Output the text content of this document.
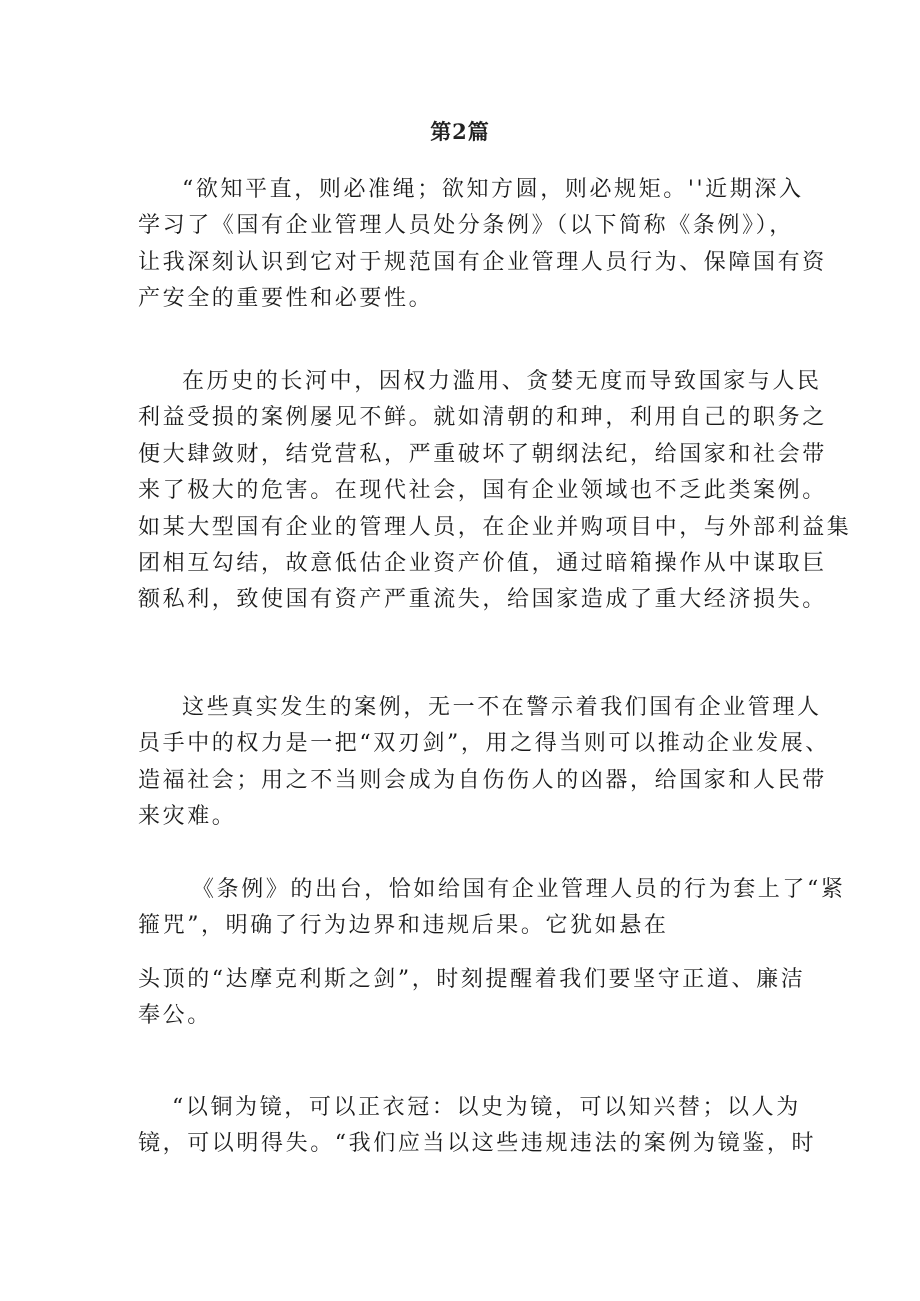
第2篇

“欲知平直，则必准绳；欲知方圆，则必规矩。''近期深入
学习了《国有企业管理人员处分条例》（以下简称《条例》），
让我深刻认识到它对于规范国有企业管理人员行为、保障国有资
产安全的重要性和必要性。

在历史的长河中，因权力滥用、贪婪无度而导致国家与人民
利益受损的案例屡见不鲜。就如清朝的和珅，利用自己的职务之
便大肆敛财，结党营私，严重破坏了朝纲法纪，给国家和社会带
来了极大的危害。在现代社会，国有企业领域也不乏此类案例。
如某大型国有企业的管理人员，在企业并购项目中，与外部利益集
团相互勾结，故意低估企业资产价值，通过暗箱操作从中谋取巨
额私利，致使国有资产严重流失，给国家造成了重大经济损失。

这些真实发生的案例，无一不在警示着我们国有企业管理人
员手中的权力是一把“双刃剑”，用之得当则可以推动企业发展、
造福社会；用之不当则会成为自伤伤人的凶器，给国家和人民带
来灾难。

《条例》的出台，恰如给国有企业管理人员的行为套上了“紧
箍咒”，明确了行为边界和违规后果。它犹如悬在

头顶的“达摩克利斯之剑”，时刻提醒着我们要坚守正道、廉洁
奉公。

“以铜为镜，可以正衣冠：以史为镜，可以知兴替；以人为
镜，可以明得失。“我们应当以这些违规违法的案例为镜鉴，时
